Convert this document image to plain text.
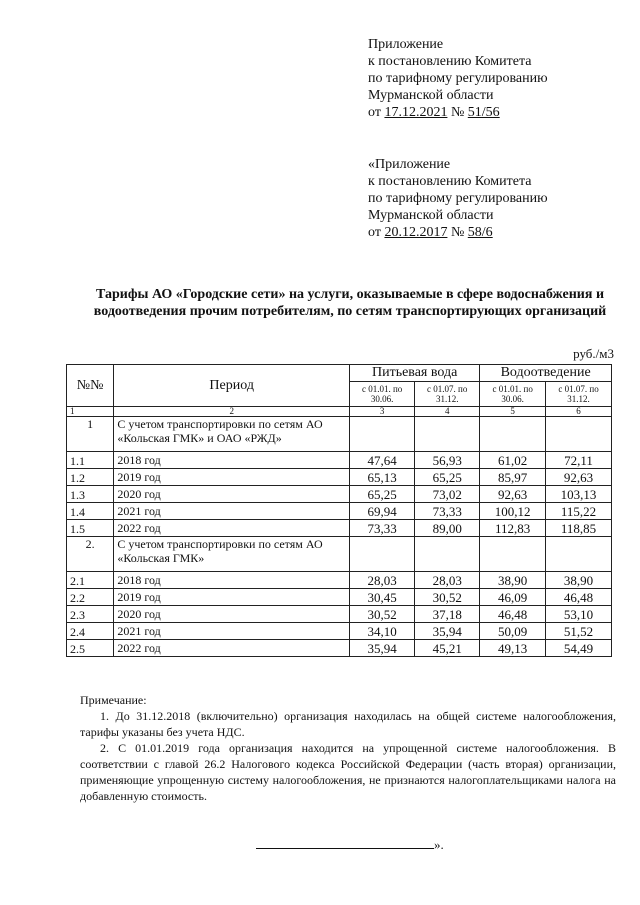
Приложение
к постановлению Комитета
по тарифному регулированию
Мурманской области
от 17.12.2021 № 51/56
«Приложение
к постановлению Комитета
по тарифному регулированию
Мурманской области
от 20.12.2017 № 58/6
Тарифы АО «Городские сети» на услуги, оказываемые в сфере водоснабжения и водоотведения прочим потребителям, по сетям транспортирующих организаций
руб./м3
№№	Период	Питьевая вода		Водоотведение	
		с 01.01. по 30.06.	с 01.07. по 31.12.	с 01.01. по 30.06.	с 01.07. по 31.12.
1	2	3	4	5	6
1	С учетом транспортировки по сетям АО «Кольская ГМК» и ОАО «РЖД»				
1.1	2018 год	47,64	56,93	61,02	72,11
1.2	2019 год	65,13	65,25	85,97	92,63
1.3	2020 год	65,25	73,02	92,63	103,13
1.4	2021 год	69,94	73,33	100,12	115,22
1.5	2022 год	73,33	89,00	112,83	118,85
2.	С учетом транспортировки по сетям АО «Кольская ГМК»				
2.1	2018 год	28,03	28,03	38,90	38,90
2.2	2019 год	30,45	30,52	46,09	46,48
2.3	2020 год	30,52	37,18	46,48	53,10
2.4	2021 год	34,10	35,94	50,09	51,52
2.5	2022 год	35,94	45,21	49,13	54,49

Примечание:

1. До 31.12.2018 (включительно) организация находилась на общей системе налогообложения, тарифы указаны без учета НДС.

2. С 01.01.2019 года организация находится на упрощенной системе налогообложения. В соответствии с главой 26.2 Налогового кодекса Российской Федерации (часть вторая) организации, применяющие упрощенную систему налогообложения, не признаются налогоплательщиками налога на добавленную стоимость.

».
